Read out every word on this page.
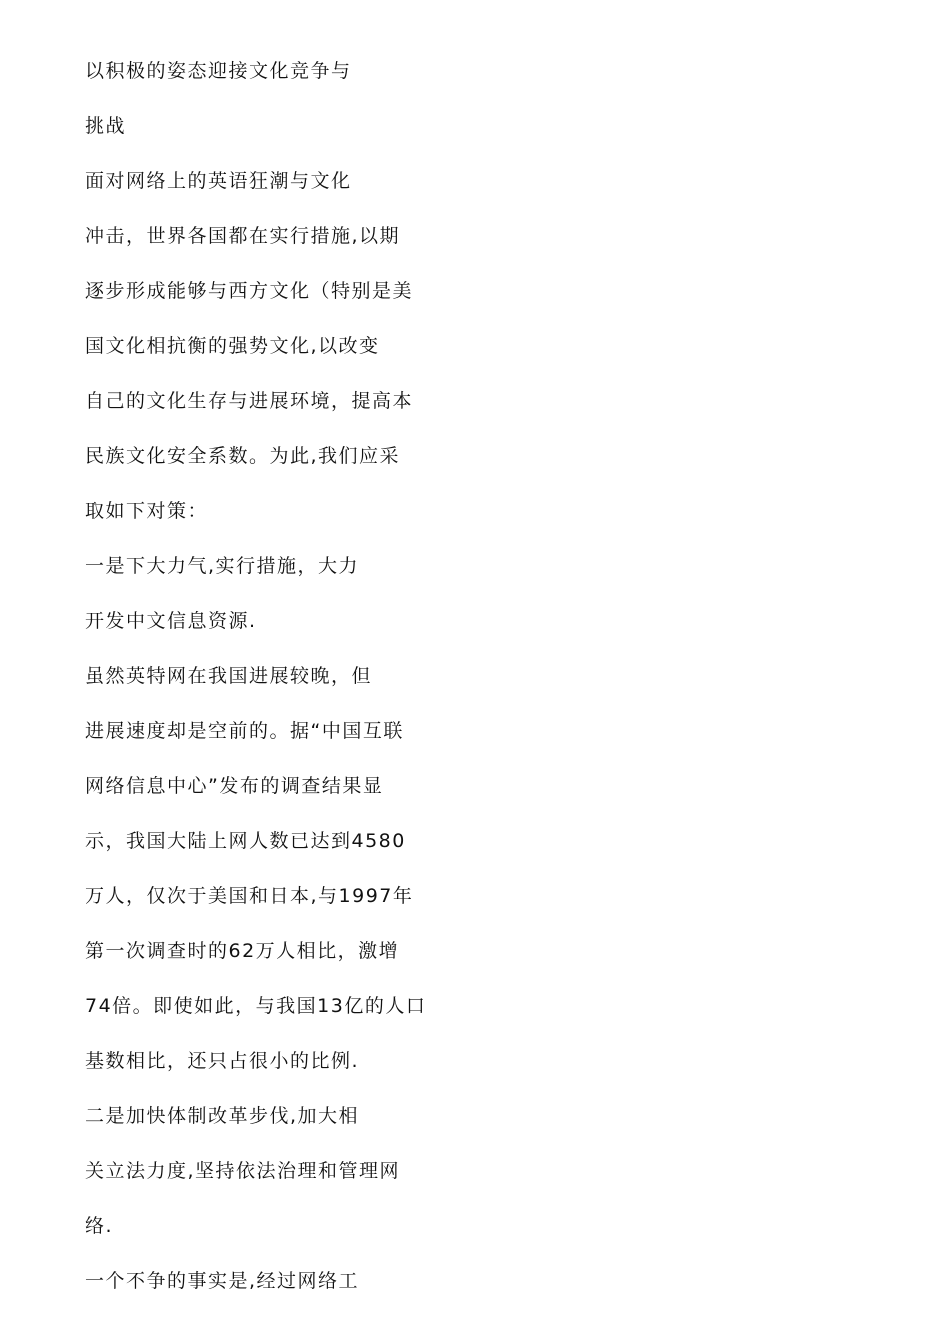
以积极的姿态迎接文化竞争与
挑战
面对网络上的英语狂潮与文化
冲击，世界各国都在实行措施,以期
逐步形成能够与西方文化（特别是美
国文化相抗衡的强势文化,以改变
自己的文化生存与进展环境，提高本
民族文化安全系数。为此,我们应采
取如下对策：
一是下大力气,实行措施，大力
开发中文信息资源.
虽然英特网在我国进展较晚，但
进展速度却是空前的。据“中国互联
网络信息中心”发布的调查结果显
示，我国大陆上网人数已达到4580
万人，仅次于美国和日本,与1997年
第一次调查时的62万人相比，激增
74倍。即使如此，与我国13亿的人口
基数相比，还只占很小的比例.
二是加快体制改革步伐,加大相
关立法力度,坚持依法治理和管理网
络.
一个不争的事实是,经过网络工
